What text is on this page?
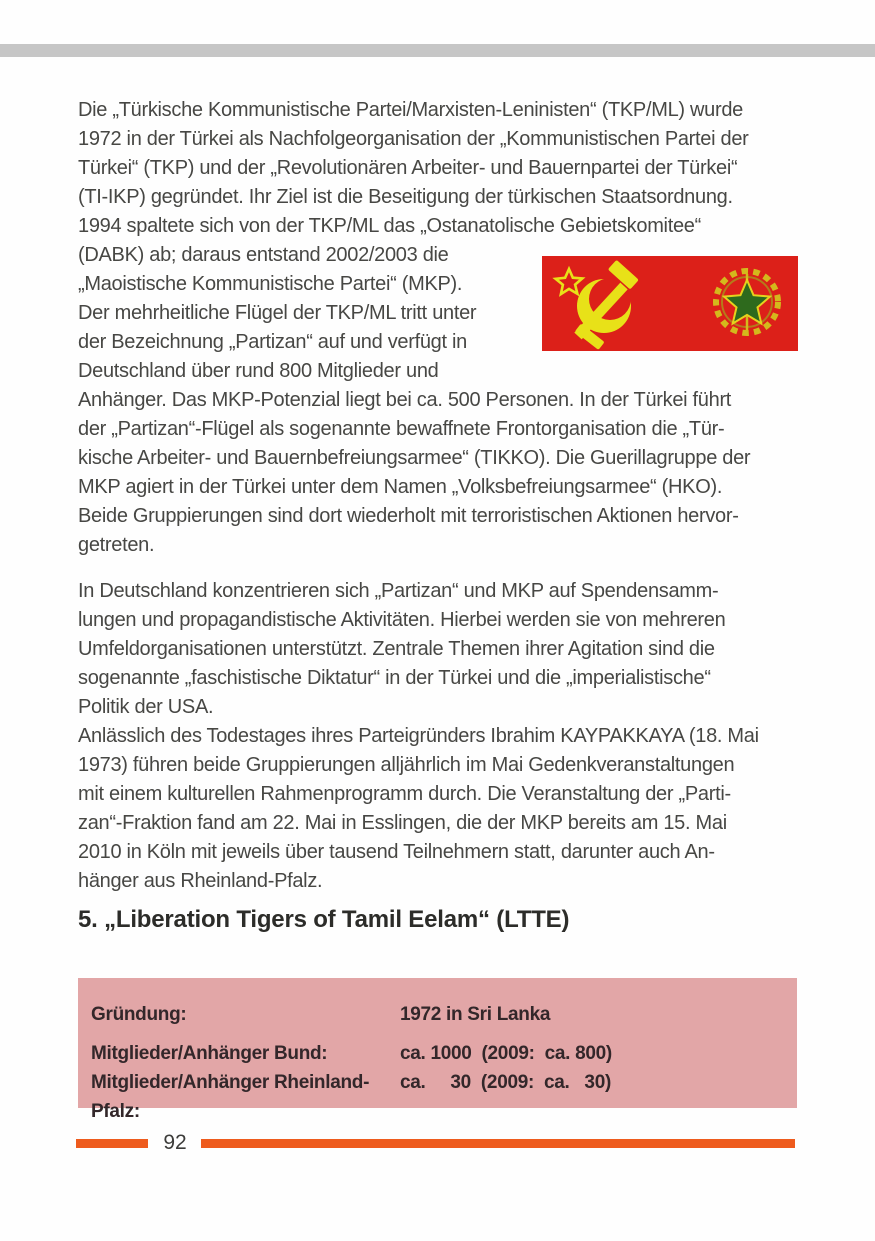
Die „Türkische Kommunistische Partei/Marxisten-Leninisten“ (TKP/ML) wurde
1972 in der Türkei als Nachfolgeorganisation der „Kommunistischen Partei der
Türkei“ (TKP) und der „Revolutionären Arbeiter- und Bauernpartei der Türkei“
(TI-IKP) gegründet. Ihr Ziel ist die Beseitigung der türkischen Staatsordnung.
1994 spaltete sich von der TKP/ML das „Ostanatolische Gebietskomitee“
(DABK) ab; daraus entstand 2002/2003 die
„Maoistische Kommunistische Partei“ (MKP).
Der mehrheitliche Flügel der TKP/ML tritt unter
der Bezeichnung „Partizan“ auf und verfügt in
Deutschland über rund 800 Mitglieder und
Anhänger. Das MKP-Potenzial liegt bei ca. 500 Personen. In der Türkei führt
der „Partizan“-Flügel als sogenannte bewaffnete Frontorganisation die „Tür-
kische Arbeiter- und Bauernbefreiungsarmee“ (TIKKO). Die Guerillagruppe der
MKP agiert in der Türkei unter dem Namen „Volksbefreiungsarmee“ (HKO).
Beide Gruppierungen sind dort wiederholt mit terroristischen Aktionen hervor-
getreten.
In Deutschland konzentrieren sich „Partizan“ und MKP auf Spendensamm-
lungen und propagandistische Aktivitäten. Hierbei werden sie von mehreren
Umfeldorganisationen unterstützt. Zentrale Themen ihrer Agitation sind die
sogenannte „faschistische Diktatur“ in der Türkei und die „imperialistische“
Politik der USA.
Anlässlich des Todestages ihres Parteigründers Ibrahim KAYPAKKAYA (18. Mai
1973) führen beide Gruppierungen alljährlich im Mai Gedenkveranstaltungen
mit einem kulturellen Rahmenprogramm durch. Die Veranstaltung der „Parti-
zan“-Fraktion fand am 22. Mai in Esslingen, die der MKP bereits am 15. Mai
2010 in Köln mit jeweils über tausend Teilnehmern statt, darunter auch An-
hänger aus Rheinland-Pfalz.
5. „Liberation Tigers of Tamil Eelam“ (LTTE)
Gründung:	1972 in Sri Lanka
Mitglieder/Anhänger Bund:	ca. 1000  (2009:  ca. 800)
Mitglieder/Anhänger Rheinland-Pfalz:
ca.     30  (2009:  ca.   30)
92
